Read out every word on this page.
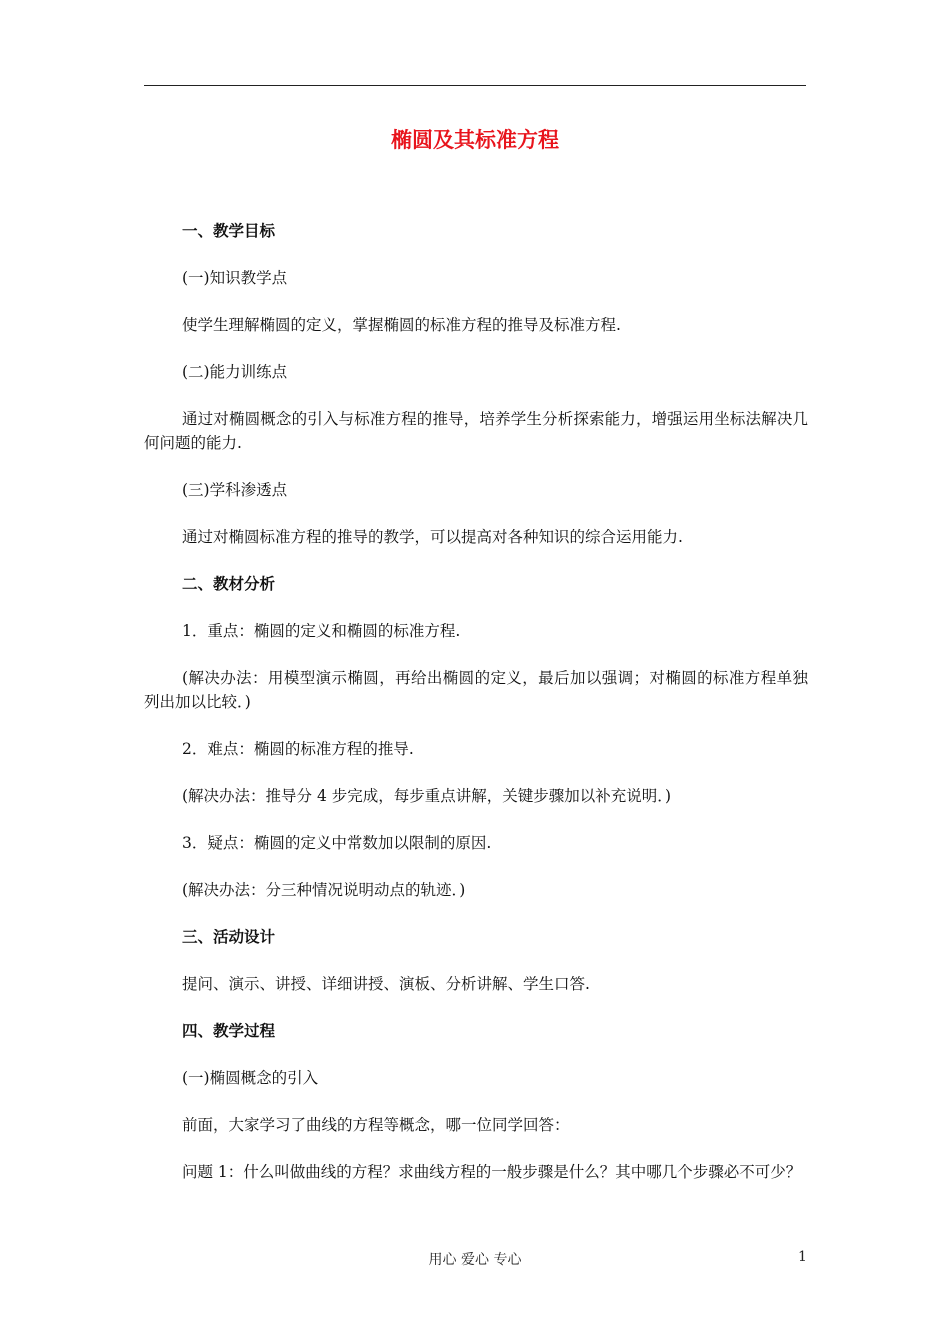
椭圆及其标准方程

一、教学目标

(一)知识教学点

使学生理解椭圆的定义，掌握椭圆的标准方程的推导及标准方程.

(二)能力训练点

通过对椭圆概念的引入与标准方程的推导，培养学生分析探索能力，增强运用坐标法解决几何问题的能力.

(三)学科渗透点

通过对椭圆标准方程的推导的教学，可以提高对各种知识的综合运用能力.

二、教材分析

1．重点：椭圆的定义和椭圆的标准方程.

(解决办法：用模型演示椭圆，再给出椭圆的定义，最后加以强调；对椭圆的标准方程单独列出加以比较．)

2．难点：椭圆的标准方程的推导.

(解决办法：推导分 4 步完成，每步重点讲解，关键步骤加以补充说明．)

3．疑点：椭圆的定义中常数加以限制的原因.

(解决办法：分三种情况说明动点的轨迹．)

三、活动设计

提问、演示、讲授、详细讲授、演板、分析讲解、学生口答.

四、教学过程

(一)椭圆概念的引入

前面，大家学习了曲线的方程等概念，哪一位同学回答：

问题 1：什么叫做曲线的方程？求曲线方程的一般步骤是什么？其中哪几个步骤必不可少？

用心 爱心 专心	1
